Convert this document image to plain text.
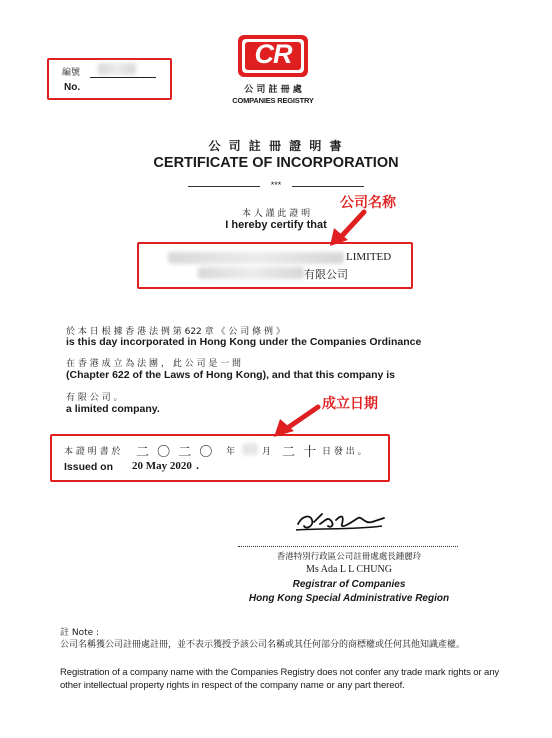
編號
No.
CR
公 司 註 冊 處
COMPANIES REGISTRY
公 司 註 冊 證 明 書
CERTIFICATE OF INCORPORATION
***
本 人 謹 此 證 明
I hereby certify that
公司名称
LIMITED
有限公司
於 本 日 根 據 香 港 法 例 第 622 章 《 公 司 條 例 》
is this day incorporated in Hong Kong under the Companies Ordinance
在 香 港 成 立 為 法 團 ， 此 公 司 是 一 間
(Chapter 622 of the Laws of Hong Kong), and that this company is
有 限 公 司 。
a limited company.	成立日期
本 證 明 書 於 二 〇 二 〇 年	月 二 十 日 發 出 。
Issued on 20 May 2020 .
香港特別行政區公司註冊處處長鍾麗玲
Ms Ada L L CHUNG
Registrar of Companies
Hong Kong Special Administrative Region
註 Note :
公司名稱獲公司註冊處註冊，並不表示獲授予該公司名稱或其任何部分的商標權或任何其他知識產權。
Registration of a company name with the Companies Registry does not confer any trade mark rights or any other intellectual property rights in respect of the company name or any part thereof.
